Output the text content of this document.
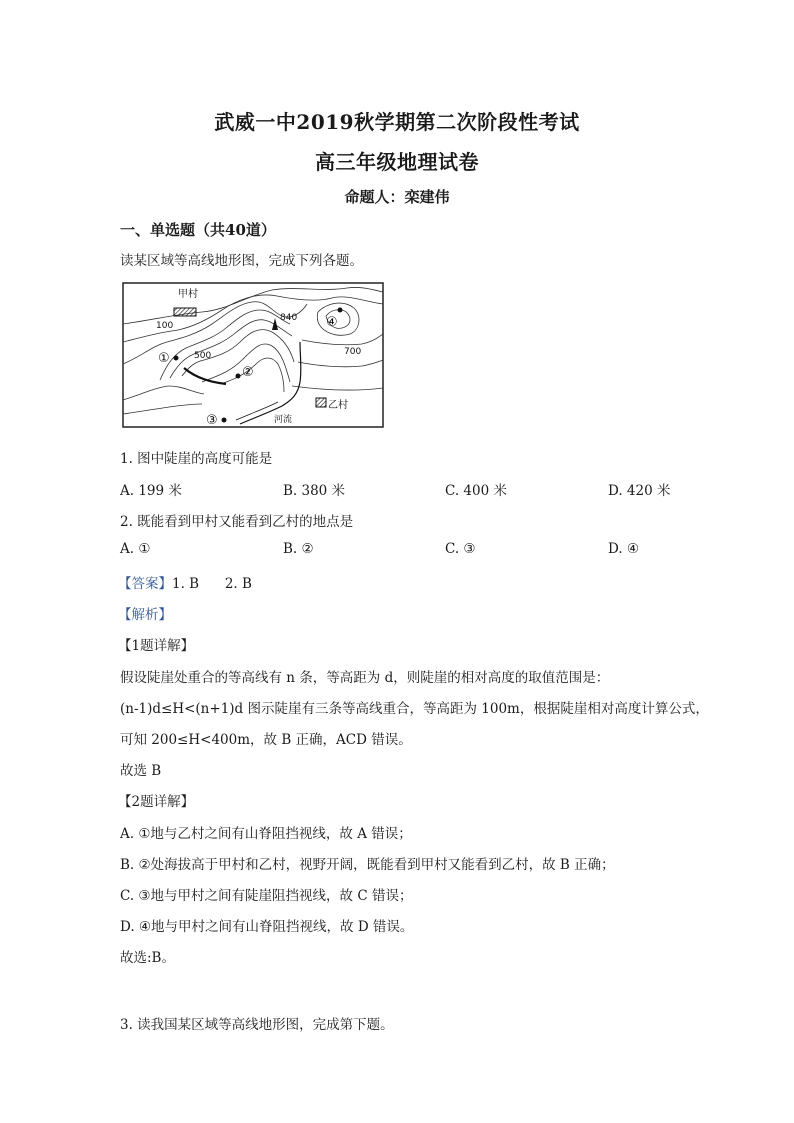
武威一中2019秋学期第二次阶段性考试
高三年级地理试卷
命题人：栾建伟
一、单选题（共40道）
读某区域等高线地形图，完成下列各题。
甲村
乙村
河流
100
500	700
840
①
②
③
④
1. 图中陡崖的高度可能是
A. 199 米	B. 380 米	C. 400 米	D. 420 米
2. 既能看到甲村又能看到乙村的地点是
A. ①	B. ②	C. ③	D. ④
【答案】1. B      2. B
【解析】
【1题详解】
假设陡崖处重合的等高线有 n 条，等高距为 d，则陡崖的相对高度的取值范围是：
(n-1)d≤H<(n+1)d 图示陡崖有三条等高线重合，等高距为 100m，根据陡崖相对高度计算公式，
可知 200≤H<400m，故 B 正确，ACD 错误。
故选 B
【2题详解】
A. ①地与乙村之间有山脊阻挡视线，故 A 错误；
B. ②处海拔高于甲村和乙村，视野开阔，既能看到甲村又能看到乙村，故 B 正确；
C. ③地与甲村之间有陡崖阻挡视线，故 C 错误；
D. ④地与甲村之间有山脊阻挡视线，故 D 错误。
故选:B。
3. 读我国某区域等高线地形图，完成第下题。
